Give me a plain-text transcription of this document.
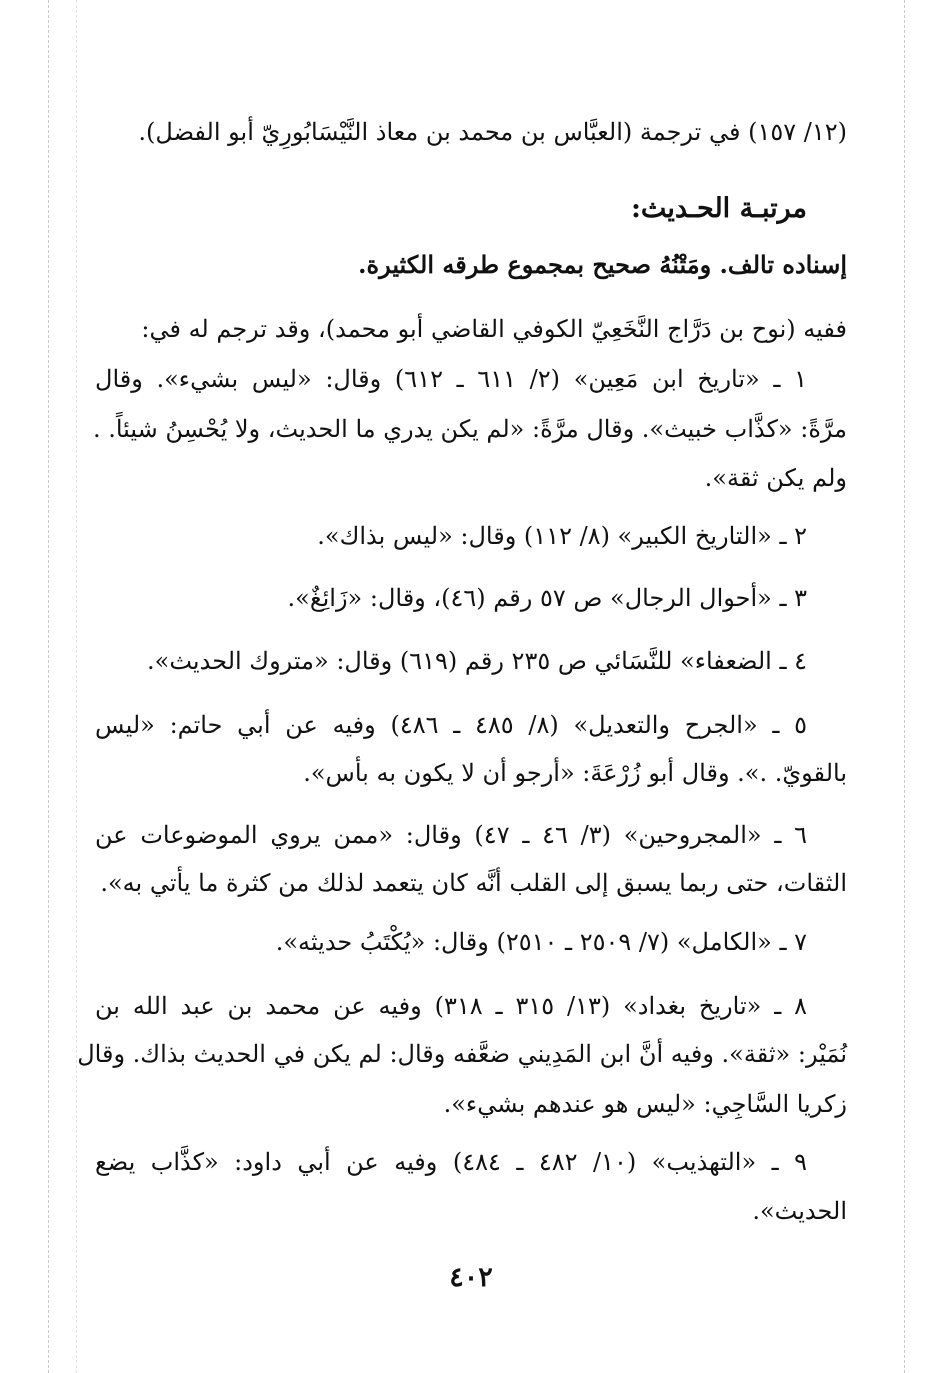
(١٢/ ١٥٧) في ترجمة (العبَّاس بن محمد بن معاذ النَّيْسَابُورِيّ أبو الفضل).
مرتبـة الحـديث:
إسناده تالف. ومَتْنُهُ صحيح بمجموع طرقه الكثيرة.
ففيه (نوح بن دَرَّاج النَّخَعِيّ الكوفي القاضي أبو محمد)، وقد ترجم له في:
١ ـ «تاريخ ابن مَعِين» (٢/ ٦١١ ـ ٦١٢) وقال: «ليس بشيء». وقال
مرَّةً: «كذَّاب خبيث». وقال مرَّةً: «لم يكن يدري ما الحديث، ولا يُحْسِنُ شيئاً. .
ولم يكن ثقة».
٢ ـ «التاريخ الكبير» (٨/ ١١٢) وقال: «ليس بذاك».
٣ ـ «أحوال الرجال» ص ٥٧ رقم (٤٦)، وقال: «زَائِغٌ».
٤ ـ الضعفاء» للنَّسَائي ص ٢٣٥ رقم (٦١٩) وقال: «متروك الحديث».
٥ ـ «الجرح والتعديل» (٨/ ٤٨٥ ـ ٤٨٦) وفيه عن أبي حاتم: «ليس
بالقويّ. .». وقال أبو زُرْعَةَ: «أرجو أن لا يكون به بأس».
٦ ـ «المجروحين» (٣/ ٤٦ ـ ٤٧) وقال: «ممن يروي الموضوعات عن
الثقات، حتى ربما يسبق إلى القلب أنَّه كان يتعمد لذلك من كثرة ما يأتي به».
٧ ـ «الكامل» (٧/ ٢٥٠٩ ـ ٢٥١٠) وقال: «يُكْتَبُ حديثه».
٨ ـ «تاريخ بغداد» (١٣/ ٣١٥ ـ ٣١٨) وفيه عن محمد بن عبد الله بن
نُمَيْر: «ثقة». وفيه أنَّ ابن المَدِيني ضعَّفه وقال: لم يكن في الحديث بذاك. وقال
زكريا السَّاجِي: «ليس هو عندهم بشيء».
٩ ـ «التهذيب» (١٠/ ٤٨٢ ـ ٤٨٤) وفيه عن أبي داود: «كذَّاب يضع
الحديث».
٤٠٢
